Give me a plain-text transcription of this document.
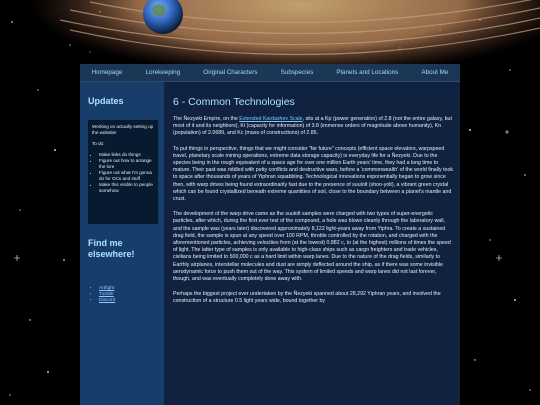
Homepage	Lorekeeping	Original Characters	Subspecies	Planets and Locations	About Me
Updates

Working on actually setting up the website!

To do:

• Make links do things
• Figure out how to arrange the lore
• Figure out what I'm gonna do for OCs and stuff
• Make this visible to people somehow
Find me elsewhere!
• Artfight
• Tumblr
• Discord
6 - Common Technologies

The Ňezyeki Empire, on the Extended Kardashev Scale, sits at a Kp (power generation) of 2.8 (not the entire galaxy, but most of it and its neighbors), Ki (capacity for information) of 3.8 (immense orders of magnitude above humanity), Kn (population) of 2.0689, and Kc (mass of constructions) of 2.85.

To put things in perspective, things that we might consider "far future" concepts (efficient space elevators, warpspeed travel, planetary scale mining operations, extreme data storage capacity) is everyday life for a Ňezyeki. Due to the species being in the rough equivalent of a space age for over one million Earth years' time, they had a long time to mature. Their past was riddled with petty conflicts and destructive wars, before a 'commonwealth' of the world finally took to space after thousands of years of Yiphran squabbling. Technological innovations exponentially began to grow since then, with warp drives being found extraordinarily fast due to the presence of suulolt (shoo-yolt), a vibrant green crystal which can be found crystallized beneath extreme quantities of soil, close to the boundary between a planet's mantle and crust.

The development of the warp drive came as the suulolt samples were charged with two types of super-energetic particles, after which, during the first ever test of the compound, a hole was blown cleanly through the laboratory wall, and the sample was (years later) discovered approximately 8,122 light-years away from Yiphra. To create a sustained drag field, the sample is spun at any speed over 100 RPM, throttle controlled by the rotation, and charged with the aforementioned particles, achieving velocities from (at the lowest) 0.882 c, to (at the highest) millions of times the speed of light. The latter type of samples is only available to high-class ships such as cargo freighters and trade vehicles, civilians being limited to 500,000 c as a hard limit within warp lanes. Due to the nature of the drag fields, similarly to Earthly airplanes, interstellar molecules and dust are simply deflected around the ship, as if there was some invisible aerodynamic force to push them out of the way. This system of limited speeds and warp lanes did not last forever, though, and was eventually completely done away with.

Perhaps the biggest project ever undertaken by the Ňezyeki spanned about 28,292 Yiphran years, and involved the construction of a structure 0.5 light years wide, bound together by
